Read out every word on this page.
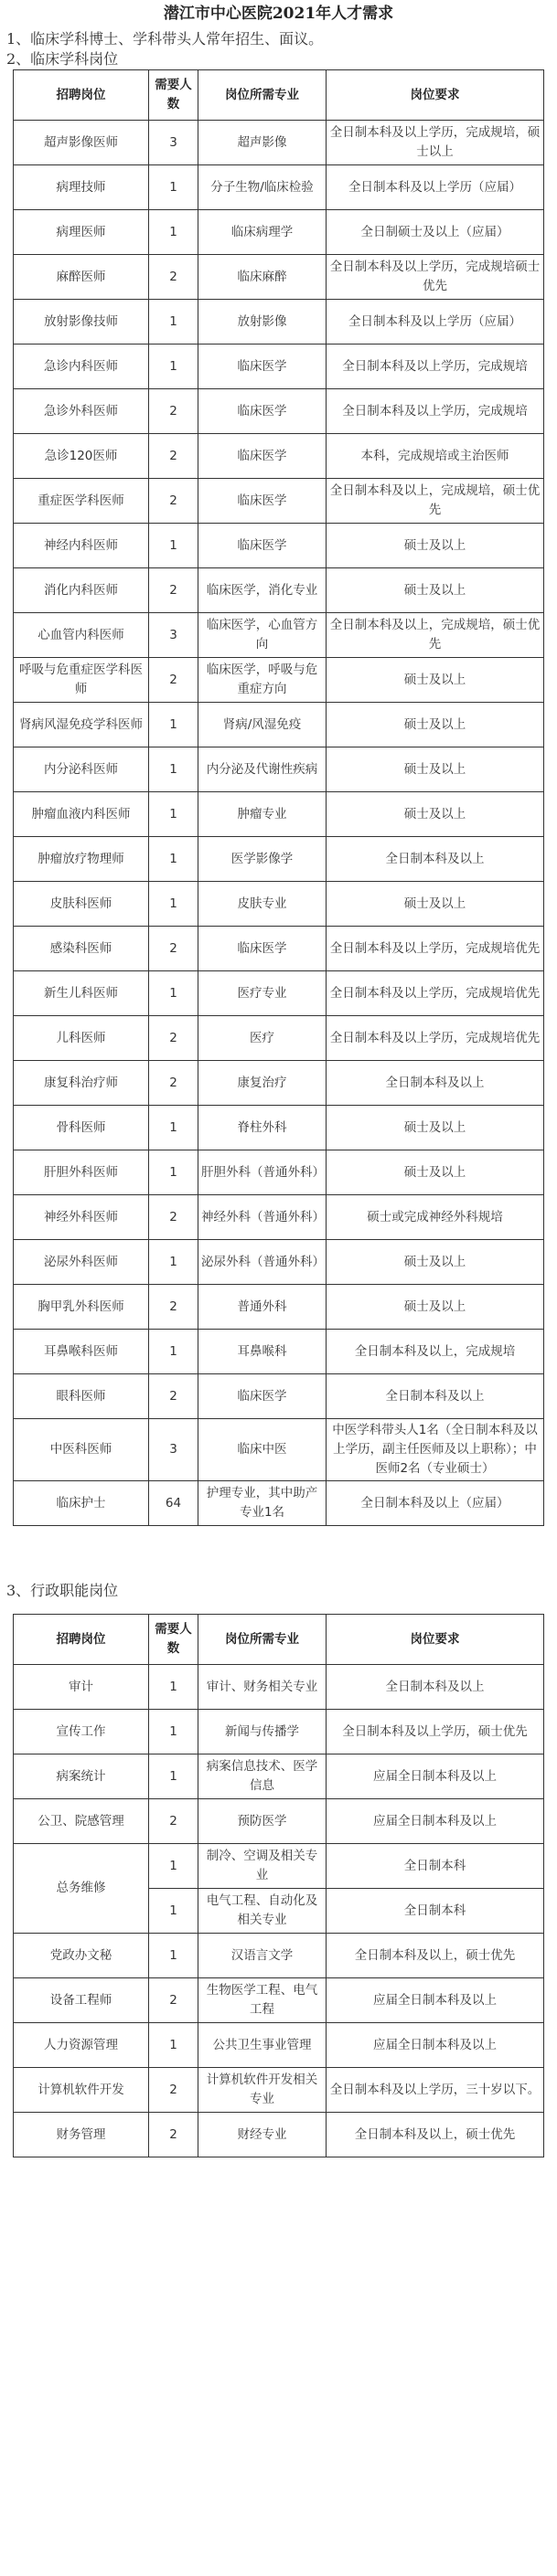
潜江市中心医院2021年人才需求
1、临床学科博士、学科带头人常年招生、面议。
2、临床学科岗位
招聘岗位	需要人数	岗位所需专业	岗位要求
超声影像医师	3	超声影像	全日制本科及以上学历，完成规培，硕士以上
病理技师	1	分子生物/临床检验	全日制本科及以上学历（应届）
病理医师	1	临床病理学	全日制硕士及以上（应届）
麻醉医师	2	临床麻醉	全日制本科及以上学历，完成规培硕士优先
放射影像技师	1	放射影像	全日制本科及以上学历（应届）
急诊内科医师	1	临床医学	全日制本科及以上学历，完成规培
急诊外科医师	2	临床医学	全日制本科及以上学历，完成规培
急诊120医师	2	临床医学	本科，完成规培或主治医师
重症医学科医师	2	临床医学	全日制本科及以上，完成规培，硕士优先
神经内科医师	1	临床医学	硕士及以上
消化内科医师	2	临床医学，消化专业	硕士及以上
心血管内科医师	3	临床医学，心血管方向	全日制本科及以上，完成规培，硕士优先
呼吸与危重症医学科医师	2	临床医学，呼吸与危重症方向	硕士及以上
肾病风湿免疫学科医师	1	肾病/风湿免疫	硕士及以上
内分泌科医师	1	内分泌及代谢性疾病	硕士及以上
肿瘤血液内科医师	1	肿瘤专业	硕士及以上
肿瘤放疗物理师	1	医学影像学	全日制本科及以上
皮肤科医师	1	皮肤专业	硕士及以上
感染科医师	2	临床医学	全日制本科及以上学历，完成规培优先
新生儿科医师	1	医疗专业	全日制本科及以上学历，完成规培优先
儿科医师	2	医疗	全日制本科及以上学历，完成规培优先
康复科治疗师	2	康复治疗	全日制本科及以上
骨科医师	1	脊柱外科	硕士及以上
肝胆外科医师	1	肝胆外科（普通外科）	硕士及以上
神经外科医师	2	神经外科（普通外科）	硕士或完成神经外科规培
泌尿外科医师	1	泌尿外科（普通外科）	硕士及以上
胸甲乳外科医师	2	普通外科	硕士及以上
耳鼻喉科医师	1	耳鼻喉科	全日制本科及以上，完成规培
眼科医师	2	临床医学	全日制本科及以上
中医科医师	3	临床中医	中医学科带头人1名（全日制本科及以上学历，副主任医师及以上职称）；中医师2名（专业硕士）
临床护士	64	护理专业，其中助产专业1名	全日制本科及以上（应届）
3、行政职能岗位
招聘岗位	需要人数	岗位所需专业	岗位要求
审计	1	审计、财务相关专业	全日制本科及以上
宣传工作	1	新闻与传播学	全日制本科及以上学历，硕士优先
病案统计	1	病案信息技术、医学信息	应届全日制本科及以上
公卫、院感管理	2	预防医学	应届全日制本科及以上
总务维修	1	制冷、空调及相关专业	全日制本科
	1	电气工程、自动化及相关专业	全日制本科
党政办文秘	1	汉语言文学	全日制本科及以上，硕士优先
设备工程师	2	生物医学工程、电气工程	应届全日制本科及以上
人力资源管理	1	公共卫生事业管理	应届全日制本科及以上
计算机软件开发	2	计算机软件开发相关专业	全日制本科及以上学历，三十岁以下。
财务管理	2	财经专业	全日制本科及以上，硕士优先
